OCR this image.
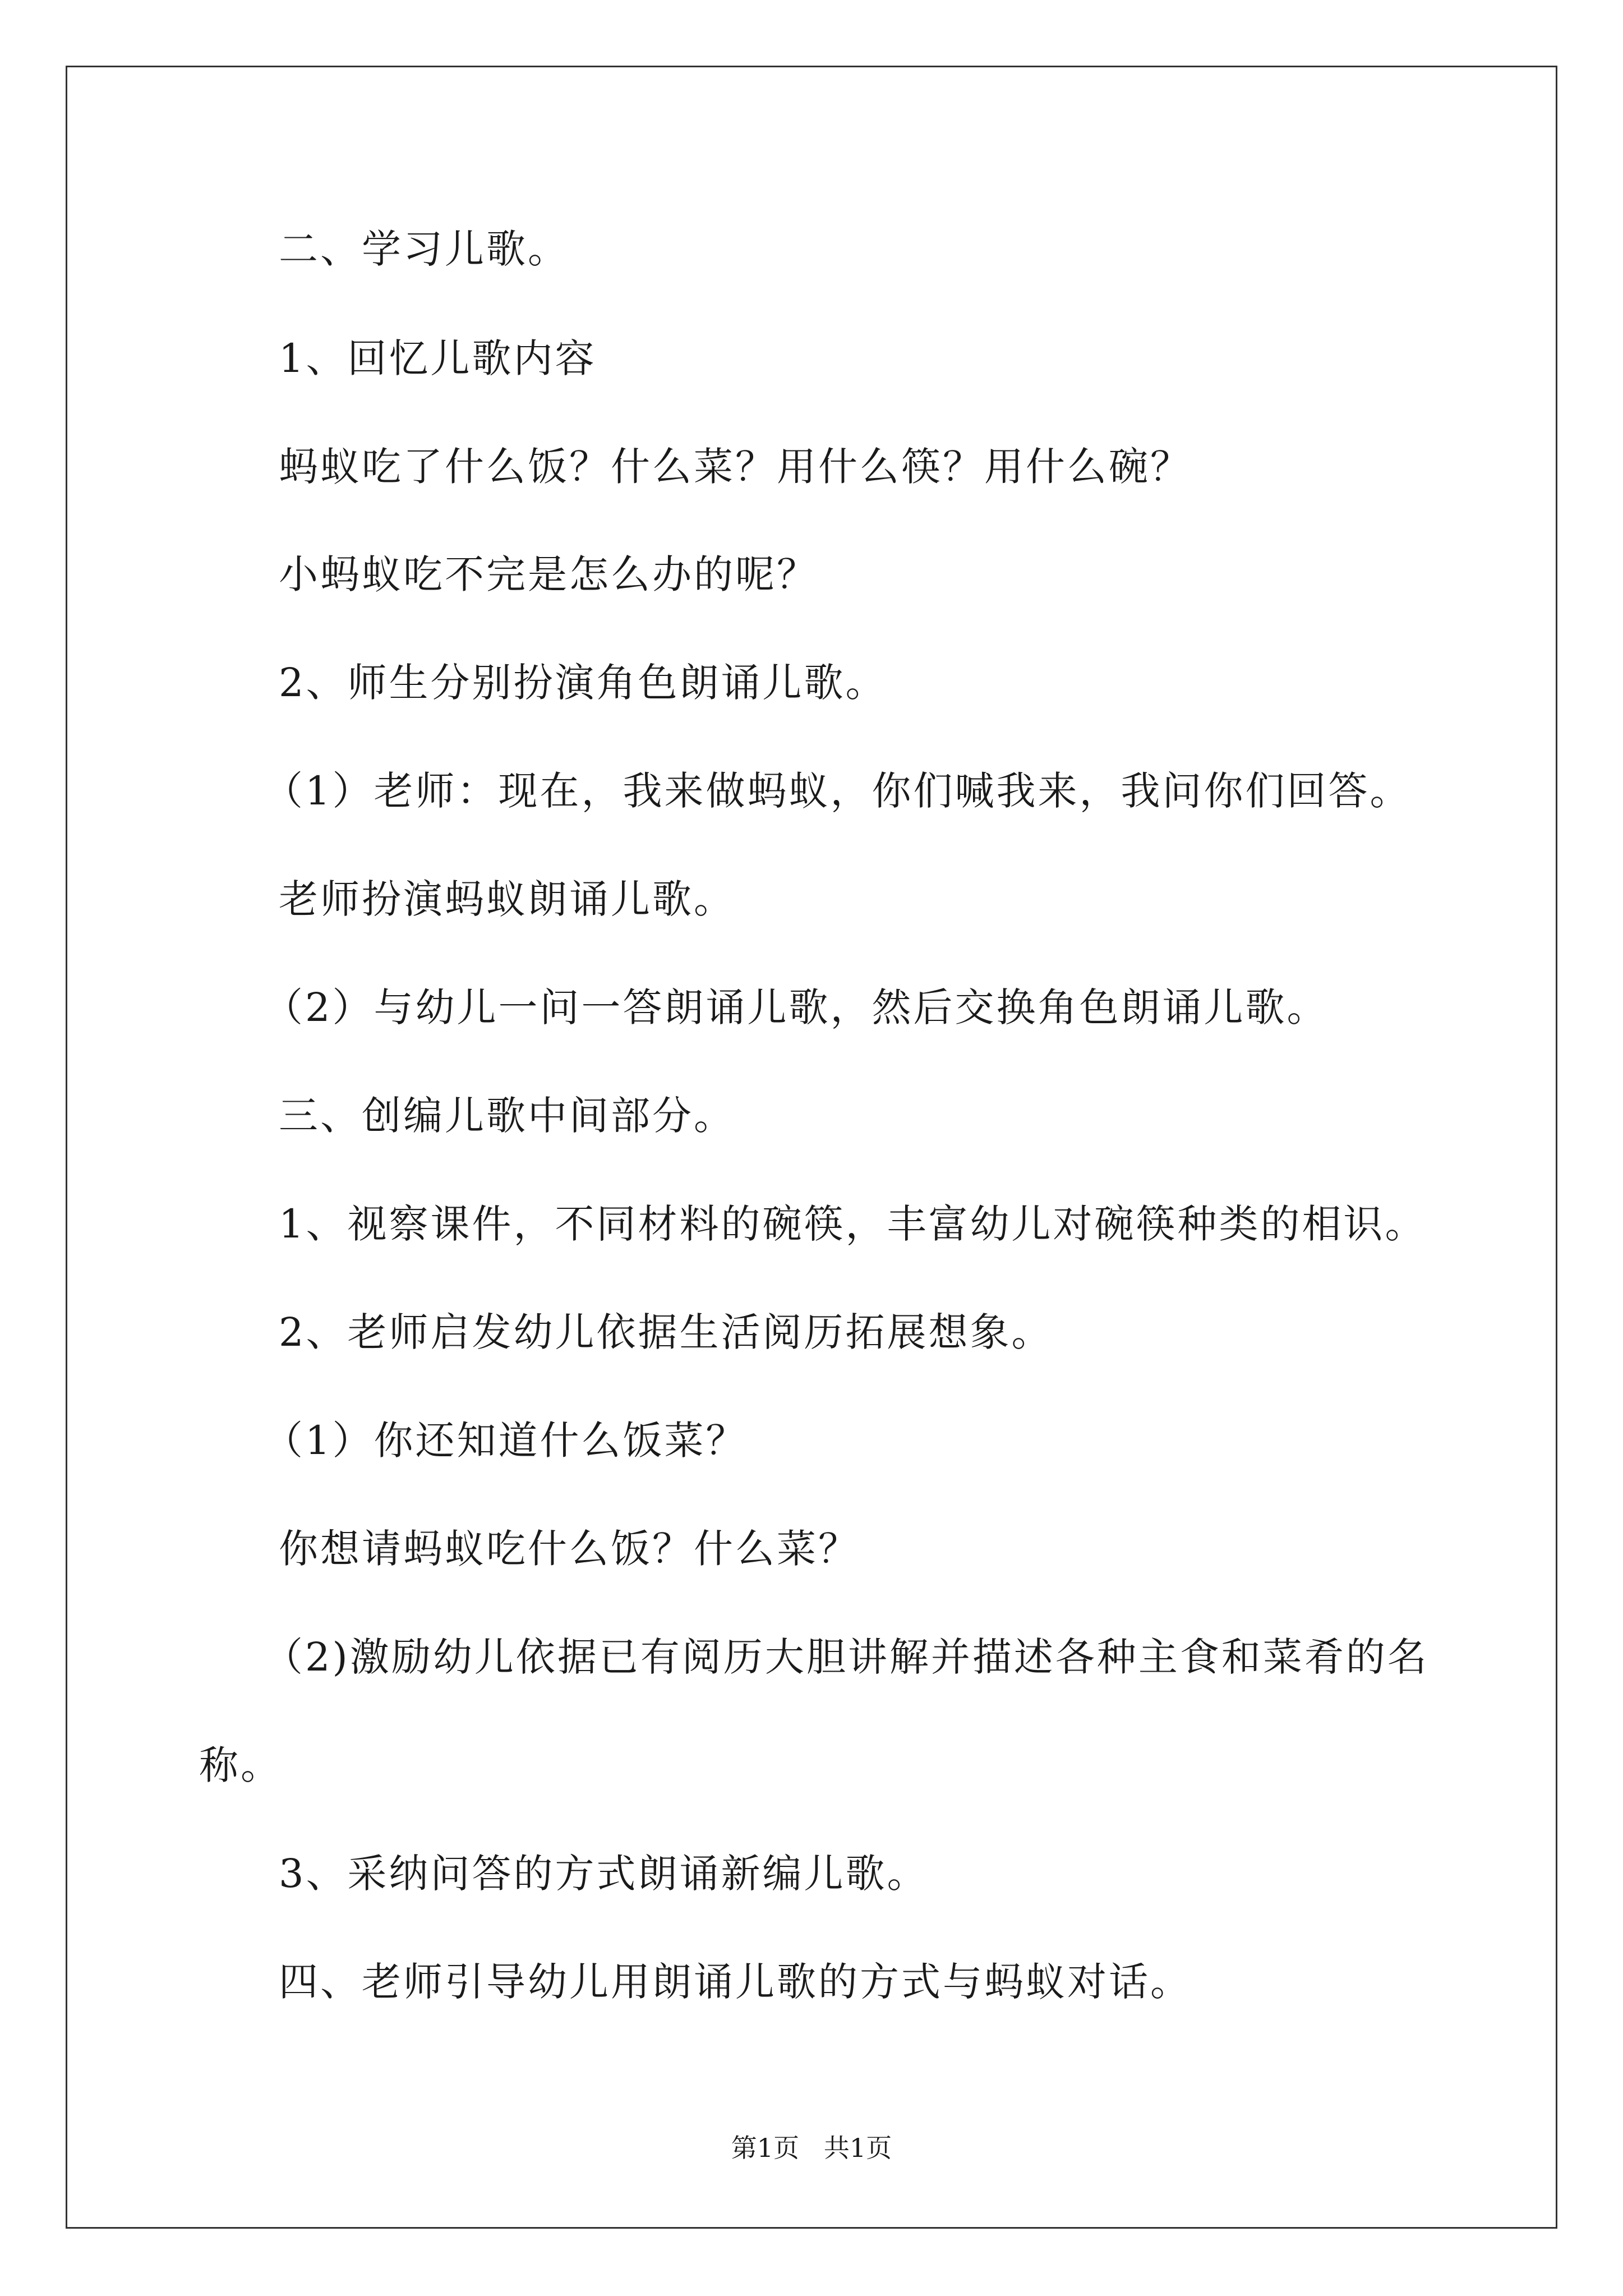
二、学习儿歌。
1、回忆儿歌内容
蚂蚁吃了什么饭？什么菜？用什么筷？用什么碗？
小蚂蚁吃不完是怎么办的呢？
2、师生分别扮演角色朗诵儿歌。
（1）老师：现在，我来做蚂蚁，你们喊我来，我问你们回答。
老师扮演蚂蚁朗诵儿歌。
（2）与幼儿一问一答朗诵儿歌，然后交换角色朗诵儿歌。
三、创编儿歌中间部分。
1、视察课件，不同材料的碗筷，丰富幼儿对碗筷种类的相识。
2、老师启发幼儿依据生活阅历拓展想象。
（1）你还知道什么饭菜？
你想请蚂蚁吃什么饭？什么菜？
（2)激励幼儿依据已有阅历大胆讲解并描述各种主食和菜肴的名
称。
3、采纳问答的方式朗诵新编儿歌。
四、老师引导幼儿用朗诵儿歌的方式与蚂蚁对话。
第1页   共1页
